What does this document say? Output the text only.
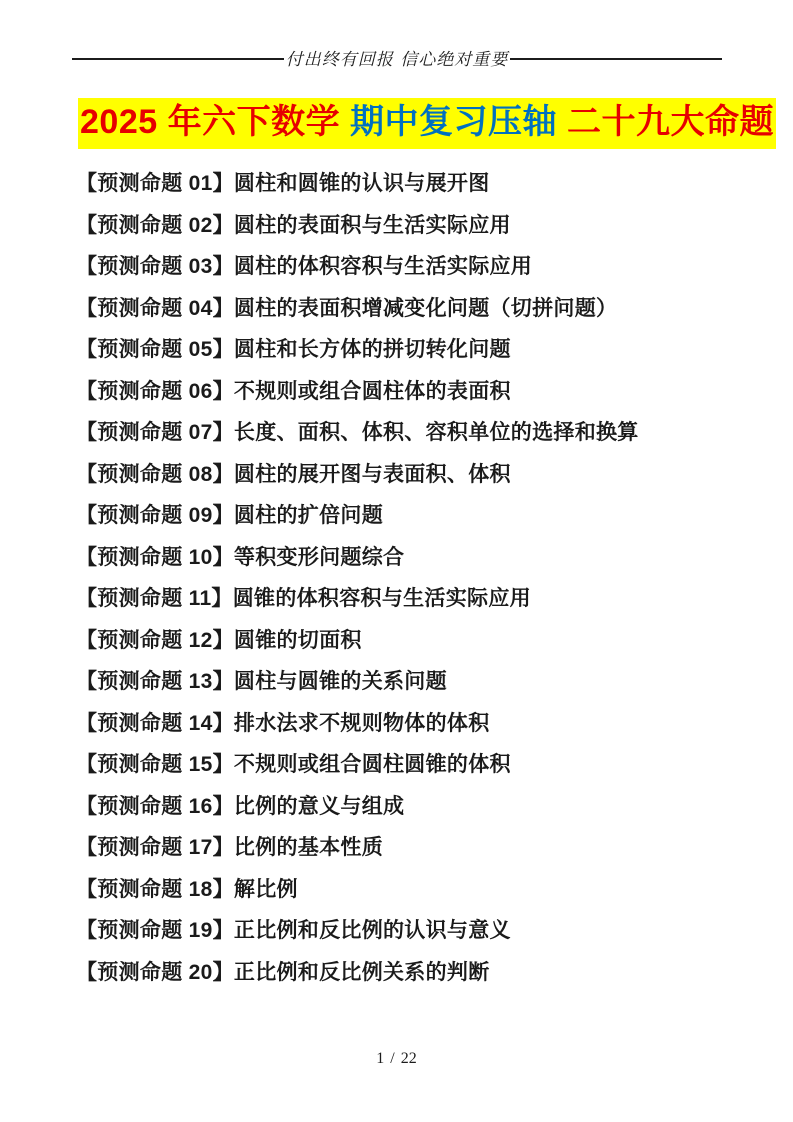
付出终有回报 信心绝对重要
2025 年六下数学 期中复习压轴 二十九大命题
【预测命题 01】圆柱和圆锥的认识与展开图
【预测命题 02】圆柱的表面积与生活实际应用
【预测命题 03】圆柱的体积容积与生活实际应用
【预测命题 04】圆柱的表面积增减变化问题（切拼问题）
【预测命题 05】圆柱和长方体的拼切转化问题
【预测命题 06】不规则或组合圆柱体的表面积
【预测命题 07】长度、面积、体积、容积单位的选择和换算
【预测命题 08】圆柱的展开图与表面积、体积
【预测命题 09】圆柱的扩倍问题
【预测命题 10】等积变形问题综合
【预测命题 11】圆锥的体积容积与生活实际应用
【预测命题 12】圆锥的切面积
【预测命题 13】圆柱与圆锥的关系问题
【预测命题 14】排水法求不规则物体的体积
【预测命题 15】不规则或组合圆柱圆锥的体积
【预测命题 16】比例的意义与组成
【预测命题 17】比例的基本性质
【预测命题 18】解比例
【预测命题 19】正比例和反比例的认识与意义
【预测命题 20】正比例和反比例关系的判断
1 / 22
